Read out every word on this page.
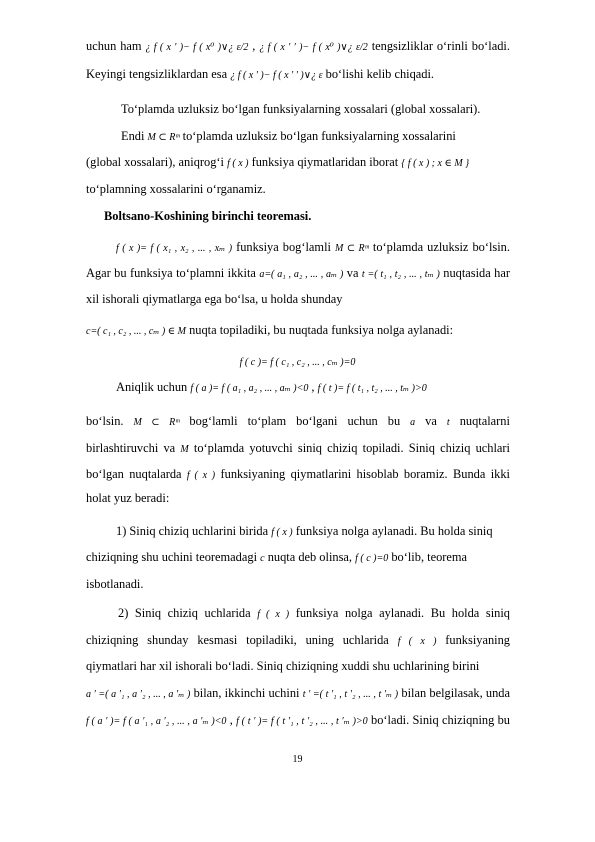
uchun ham ¿ f ( x ′ )− f ( x⁰ )∨¿ ε/2 , ¿ f ( x ′ ′ )− f ( x⁰ )∨¿ ε/2 tengsizliklar o‘rinli bo‘ladi.
Keyingi tengsizliklardan esa ¿ f ( x ′ )− f ( x ′ ′ )∨¿ ε bo‘lishi kelib chiqadi.
To‘plamda uzluksiz bo‘lgan funksiyalarning xossalari (global xossalari).
Endi M ⊂ Rᵐ to‘plamda uzluksiz bo‘lgan funksiyalarning xossalarini
(global xossalari), aniqrog‘i f ( x ) funksiya qiymatlaridan iborat { f ( x ) ; x ∈ M }
to‘plamning xossalarini o‘rganamiz.
Boltsano-Koshining birinchi teoremasi.
f ( x )= f ( x₁ , x₂ , ... , xₘ ) funksiya bog‘lamli M ⊂ Rᵐ to‘plamda uzluksiz bo‘lsin.
Agar bu funksiya to‘plamni ikkita a=( a₁ , a₂ , ... , aₘ ) va t =( t₁ , t₂ , ... , tₘ ) nuqtasida har
xil ishorali qiymatlarga ega bo‘lsa, u holda shunday
c=( c₁ , c₂ , ... , cₘ ) ∈ M nuqta topiladiki, bu nuqtada funksiya nolga aylanadi:
f ( c )= f ( c₁ , c₂ , ... , cₘ )=0
Aniqlik uchun f ( a )= f ( a₁ , a₂ , ... , aₘ )<0 , f ( t )= f ( t₁ , t₂ , ... , tₘ )>0
bo‘lsin. M ⊂ Rᵐ bog‘lamli to‘plam bo‘lgani uchun bu a va t nuqtalarni
birlashtiruvchi va M to‘plamda yotuvchi siniq chiziq topiladi. Siniq chiziq uchlari
bo‘lgan nuqtalarda f ( x ) funksiyaning qiymatlarini hisoblab boramiz. Bunda ikki
holat yuz beradi:
1) Siniq chiziq uchlarini birida f ( x ) funksiya nolga aylanadi. Bu holda siniq
chiziqning shu uchini teoremadagi c nuqta deb olinsa, f ( c )=0 bo‘lib, teorema
isbotlanadi.
2) Siniq chiziq uchlarida f ( x ) funksiya nolga aylanadi. Bu holda siniq
chiziqning shunday kesmasi topiladiki, uning uchlarida f ( x ) funksiyaning
qiymatlari har xil ishorali bo‘ladi. Siniq chiziqning xuddi shu uchlarining birini
a ′ =( a ′₁ , a ′₂ , ... , a ′ₘ ) bilan, ikkinchi uchini t ′ =( t ′₁ , t ′₂ , ... , t ′ₘ ) bilan belgilasak, unda
f ( a ′ )= f ( a ′₁ , a ′₂ , ... , a ′ₘ )<0 , f ( t ′ )= f ( t ′₁ , t ′₂ , ... , t ′ₘ )>0 bo‘ladi. Siniq chiziqning bu
19
